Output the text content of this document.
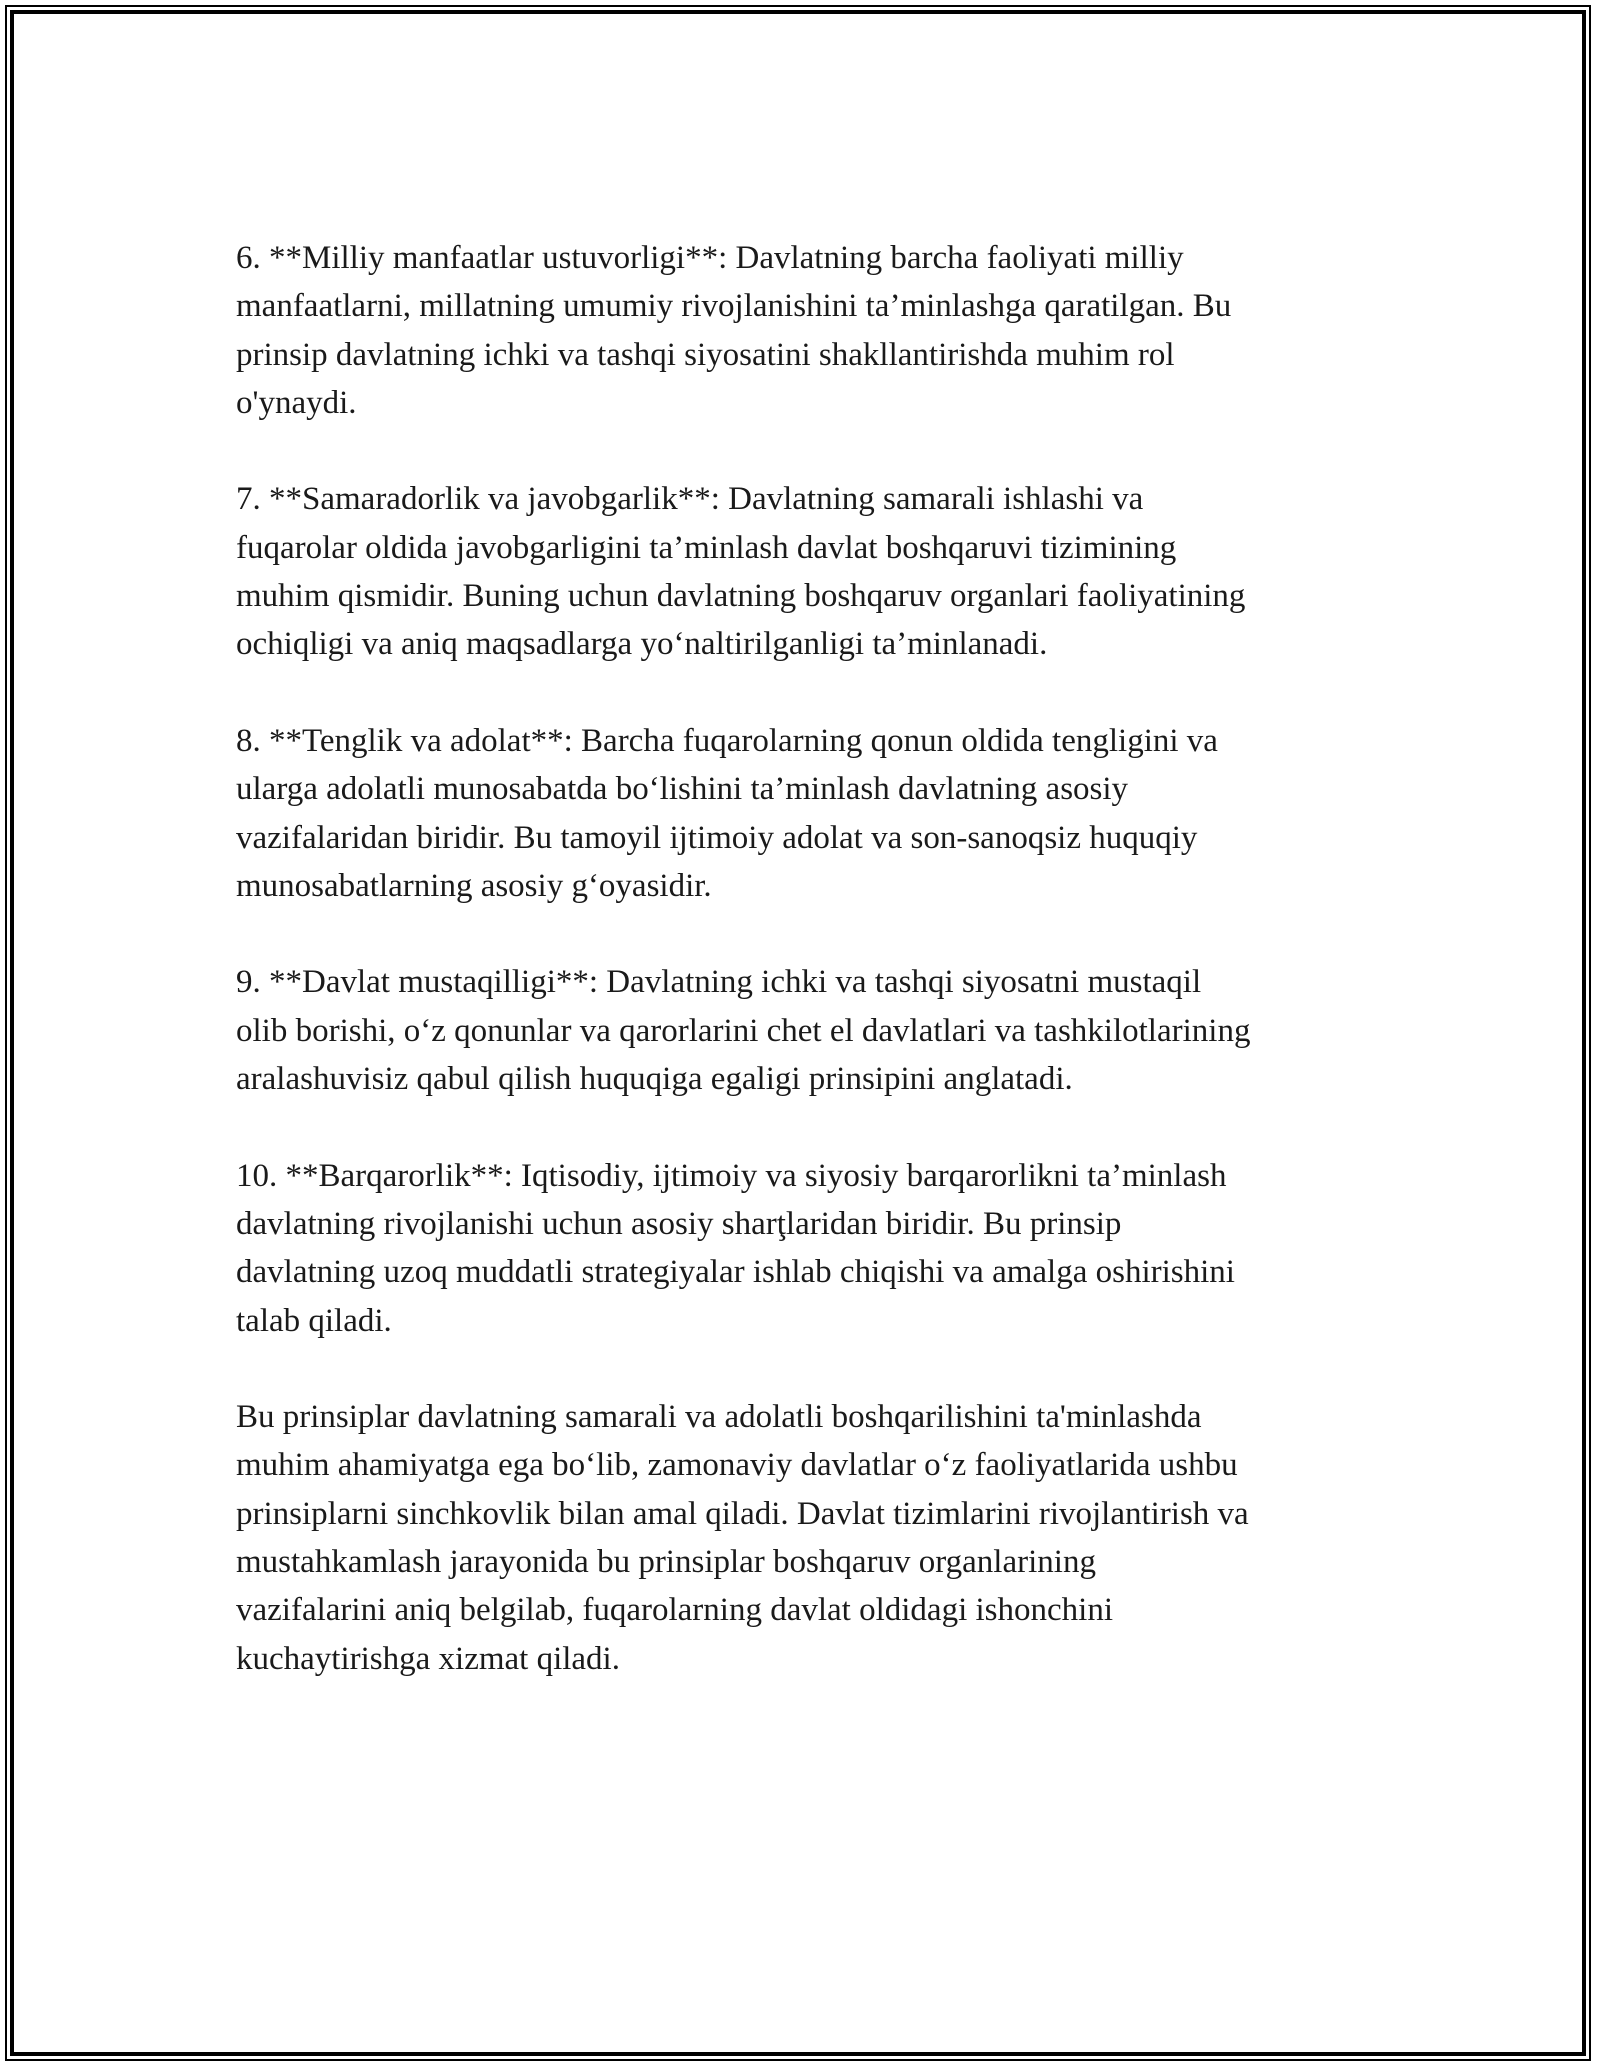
6. **Milliy manfaatlar ustuvorligi**: Davlatning barcha faoliyati milliy
manfaatlarni, millatning umumiy rivojlanishini ta’minlashga qaratilgan. Bu
prinsip davlatning ichki va tashqi siyosatini shakllantirishda muhim rol
o'ynaydi.

7. **Samaradorlik va javobgarlik**: Davlatning samarali ishlashi va
fuqarolar oldida javobgarligini ta’minlash davlat boshqaruvi tizimining
muhim qismidir. Buning uchun davlatning boshqaruv organlari faoliyatining
ochiqligi va aniq maqsadlarga yoʻnaltirilganligi ta’minlanadi.

8. **Tenglik va adolat**: Barcha fuqarolarning qonun oldida tengligini va
ularga adolatli munosabatda boʻlishini ta’minlash davlatning asosiy
vazifalaridan biridir. Bu tamoyil ijtimoiy adolat va son-sanoqsiz huquqiy
munosabatlarning asosiy gʻoyasidir.

9. **Davlat mustaqilligi**: Davlatning ichki va tashqi siyosatni mustaqil
olib borishi, oʻz qonunlar va qarorlarini chet el davlatlari va tashkilotlarining
aralashuvisiz qabul qilish huquqiga egaligi prinsipini anglatadi.

10. **Barqarorlik**: Iqtisodiy, ijtimoiy va siyosiy barqarorlikni ta’minlash
davlatning rivojlanishi uchun asosiy sharţlaridan biridir. Bu prinsip
davlatning uzoq muddatli strategiyalar ishlab chiqishi va amalga oshirishini
talab qiladi.

Bu prinsiplar davlatning samarali va adolatli boshqarilishini ta'minlashda
muhim ahamiyatga ega boʻlib, zamonaviy davlatlar oʻz faoliyatlarida ushbu
prinsiplarni sinchkovlik bilan amal qiladi. Davlat tizimlarini rivojlantirish va
mustahkamlash jarayonida bu prinsiplar boshqaruv organlarining
vazifalarini aniq belgilab, fuqarolarning davlat oldidagi ishonchini
kuchaytirishga xizmat qiladi.
